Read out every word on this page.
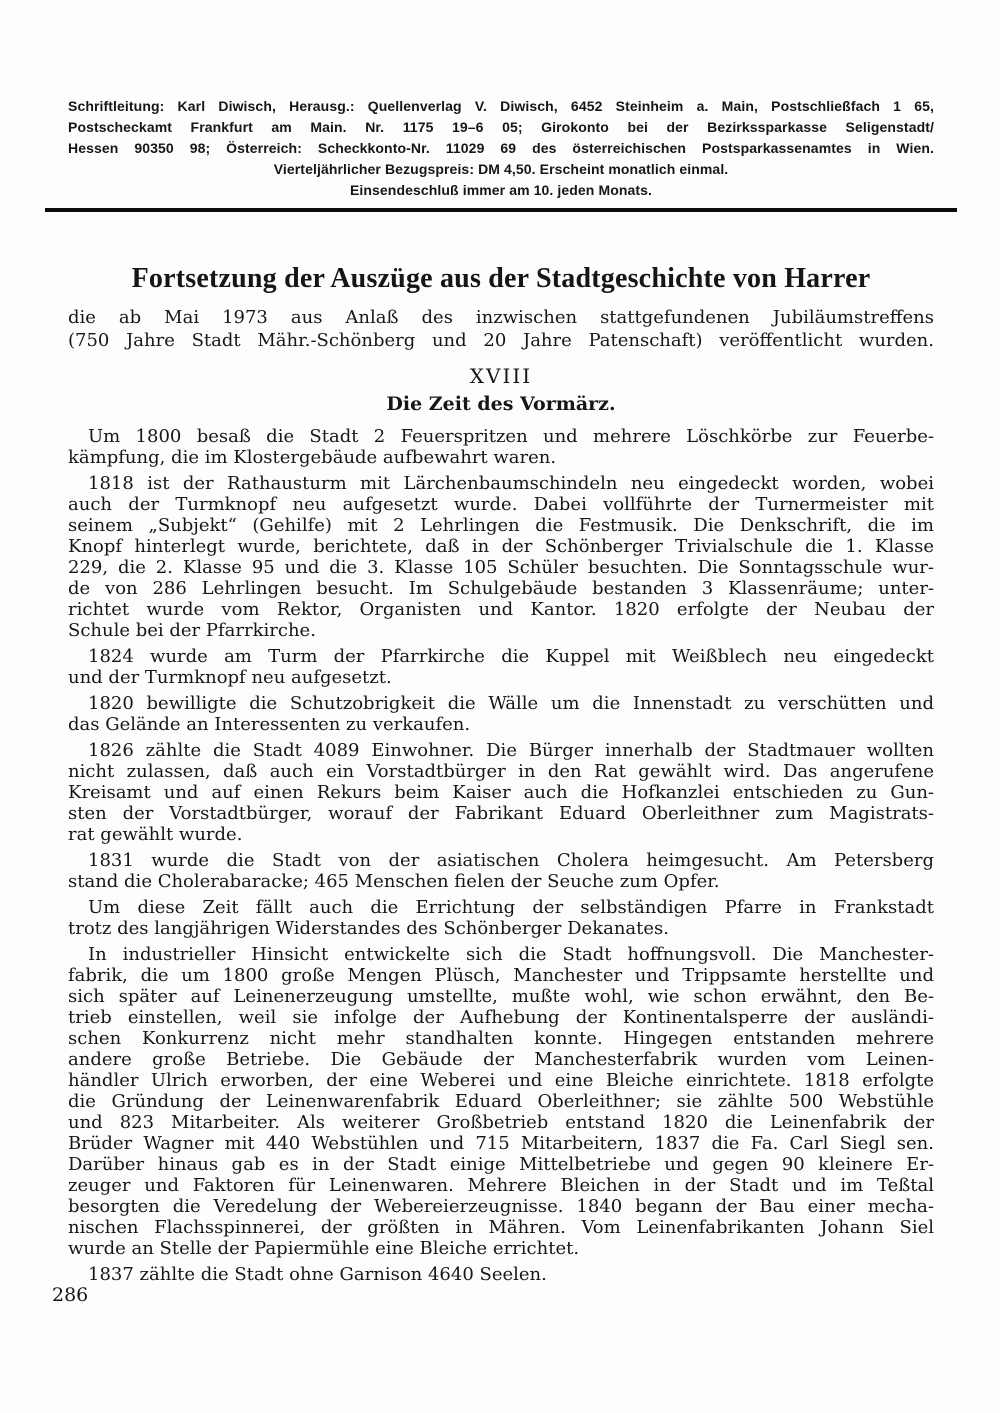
Schriftleitung: Karl Diwisch, Herausg.: Quellenverlag V. Diwisch, 6452 Steinheim a. Main, Postschließfach 1 65,
Postscheckamt Frankfurt am Main. Nr. 1175 19–6 05; Girokonto bei der Bezirkssparkasse Seligenstadt/
Hessen 90350 98; Österreich: Scheckkonto-Nr. 11029 69 des österreichischen Postsparkassenamtes in Wien.
Vierteljährlicher Bezugspreis: DM 4,50. Erscheint monatlich einmal.
Einsendeschluß immer am 10. jeden Monats.
Fortsetzung der Auszüge aus der Stadtgeschichte von Harrer
die ab Mai 1973 aus Anlaß des inzwischen stattgefundenen Jubiläumstreffens
(750 Jahre Stadt Mähr.-Schönberg und 20 Jahre Patenschaft) veröffentlicht wurden.
XVIII
Die Zeit des Vormärz.
Um 1800 besaß die Stadt 2 Feuerspritzen und mehrere Löschkörbe zur Feuerbe-
kämpfung, die im Klostergebäude aufbewahrt waren.
1818 ist der Rathausturm mit Lärchenbaumschindeln neu eingedeckt worden, wobei
auch der Turmknopf neu aufgesetzt wurde. Dabei vollführte der Turnermeister mit
seinem „Subjekt“ (Gehilfe) mit 2 Lehrlingen die Festmusik. Die Denkschrift, die im
Knopf hinterlegt wurde, berichtete, daß in der Schönberger Trivialschule die 1. Klasse
229, die 2. Klasse 95 und die 3. Klasse 105 Schüler besuchten. Die Sonntagsschule wur-
de von 286 Lehrlingen besucht. Im Schulgebäude bestanden 3 Klassenräume; unter-
richtet wurde vom Rektor, Organisten und Kantor. 1820 erfolgte der Neubau der
Schule bei der Pfarrkirche.
1824 wurde am Turm der Pfarrkirche die Kuppel mit Weißblech neu eingedeckt
und der Turmknopf neu aufgesetzt.
1820 bewilligte die Schutzobrigkeit die Wälle um die Innenstadt zu verschütten und
das Gelände an Interessenten zu verkaufen.
1826 zählte die Stadt 4089 Einwohner. Die Bürger innerhalb der Stadtmauer wollten
nicht zulassen, daß auch ein Vorstadtbürger in den Rat gewählt wird. Das angerufene
Kreisamt und auf einen Rekurs beim Kaiser auch die Hofkanzlei entschieden zu Gun-
sten der Vorstadtbürger, worauf der Fabrikant Eduard Oberleithner zum Magistrats-
rat gewählt wurde.
1831 wurde die Stadt von der asiatischen Cholera heimgesucht. Am Petersberg
stand die Cholerabaracke; 465 Menschen fielen der Seuche zum Opfer.
Um diese Zeit fällt auch die Errichtung der selbständigen Pfarre in Frankstadt
trotz des langjährigen Widerstandes des Schönberger Dekanates.
In industrieller Hinsicht entwickelte sich die Stadt hoffnungsvoll. Die Manchester-
fabrik, die um 1800 große Mengen Plüsch, Manchester und Trippsamte herstellte und
sich später auf Leinenerzeugung umstellte, mußte wohl, wie schon erwähnt, den Be-
trieb einstellen, weil sie infolge der Aufhebung der Kontinentalsperre der ausländi-
schen Konkurrenz nicht mehr standhalten konnte. Hingegen entstanden mehrere
andere große Betriebe. Die Gebäude der Manchesterfabrik wurden vom Leinen-
händler Ulrich erworben, der eine Weberei und eine Bleiche einrichtete. 1818 erfolgte
die Gründung der Leinenwarenfabrik Eduard Oberleithner; sie zählte 500 Webstühle
und 823 Mitarbeiter. Als weiterer Großbetrieb entstand 1820 die Leinenfabrik der
Brüder Wagner mit 440 Webstühlen und 715 Mitarbeitern, 1837 die Fa. Carl Siegl sen.
Darüber hinaus gab es in der Stadt einige Mittelbetriebe und gegen 90 kleinere Er-
zeuger und Faktoren für Leinenwaren. Mehrere Bleichen in der Stadt und im Teßtal
besorgten die Veredelung der Webereierzeugnisse. 1840 begann der Bau einer mecha-
nischen Flachsspinnerei, der größten in Mähren. Vom Leinenfabrikanten Johann Siel
wurde an Stelle der Papiermühle eine Bleiche errichtet.
1837 zählte die Stadt ohne Garnison 4640 Seelen.
286
